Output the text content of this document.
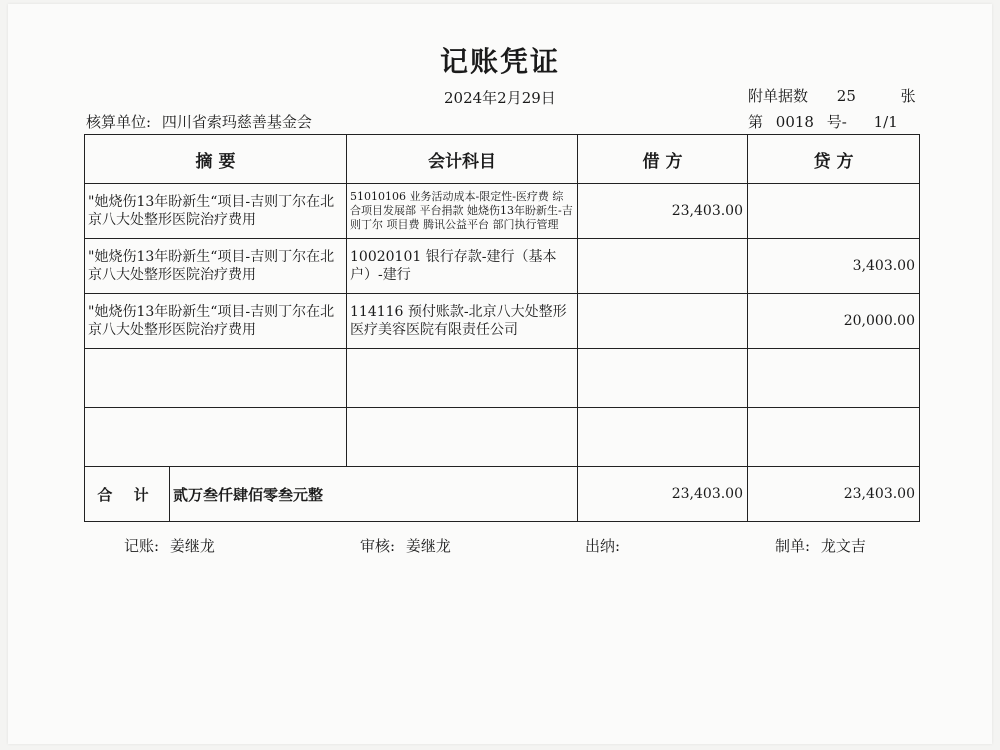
记账凭证
2024年2月29日	附单据数 25	张
核算单位: 四川省索玛慈善基金会	第 0018 号- 1/1
摘 要	会计科目	借 方	贷 方
"她烧伤13年盼新生“项目-吉则丁尔在北京八大处整形医院治疗费用	51010106 业务活动成本-限定性-医疗费 综合项目发展部 平台捐款 她烧伤13年盼新生-吉则丁尔 项目费 腾讯公益平台 部门执行管理	23,403.00	
"她烧伤13年盼新生“项目-吉则丁尔在北京八大处整形医院治疗费用	10020101 银行存款-建行（基本户）-建行		3,403.00
"她烧伤13年盼新生“项目-吉则丁尔在北京八大处整形医院治疗费用	114116 预付账款-北京八大处整形医疗美容医院有限责任公司		20,000.00

合 计 贰万叁仟肆佰零叁元整		23,403.00	23,403.00
记账: 姜继龙	审核: 姜继龙	出纳:	制单: 龙文吉
